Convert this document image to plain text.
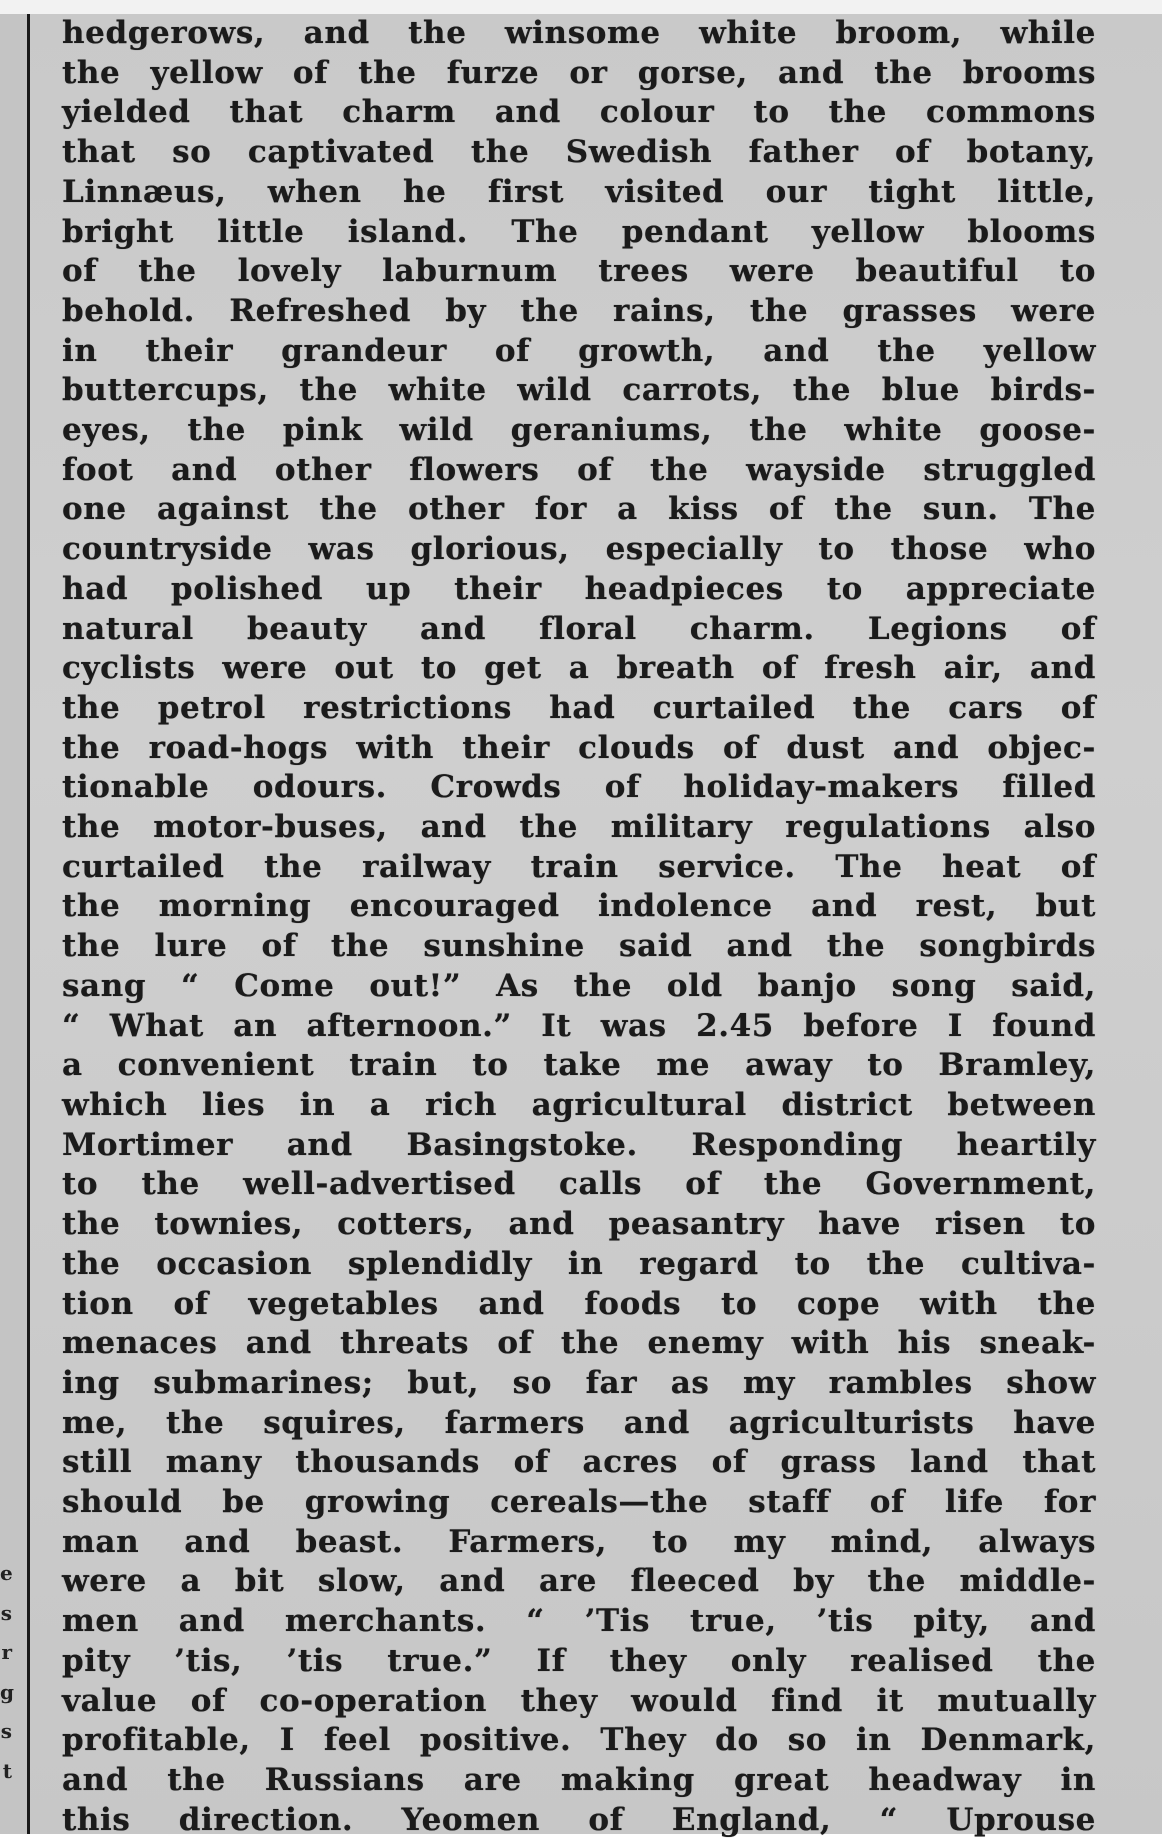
e
s
r
g
s
t

hedgerows, and the winsome white broom, while
the yellow of the furze or gorse, and the brooms
yielded that charm and colour to the commons
that so captivated the Swedish father of botany,
Linnæus, when he first visited our tight little,
bright little island. The pendant yellow blooms
of the lovely laburnum trees were beautiful to
behold. Refreshed by the rains, the grasses were
in their grandeur of growth, and the yellow
buttercups, the white wild carrots, the blue birds-
eyes, the pink wild geraniums, the white goose-
foot and other flowers of the wayside struggled
one against the other for a kiss of the sun. The
countryside was glorious, especially to those who
had polished up their headpieces to appreciate
natural beauty and floral charm. Legions of
cyclists were out to get a breath of fresh air, and
the petrol restrictions had curtailed the cars of
the road-hogs with their clouds of dust and objec-
tionable odours. Crowds of holiday-makers filled
the motor-buses, and the military regulations also
curtailed the railway train service. The heat of
the morning encouraged indolence and rest, but
the lure of the sunshine said and the songbirds
sang “ Come out!” As the old banjo song said,
“ What an afternoon.” It was 2.45 before I found
a convenient train to take me away to Bramley,
which lies in a rich agricultural district between
Mortimer and Basingstoke. Responding heartily
to the well-advertised calls of the Government,
the townies, cotters, and peasantry have risen to
the occasion splendidly in regard to the cultiva-
tion of vegetables and foods to cope with the
menaces and threats of the enemy with his sneak-
ing submarines; but, so far as my rambles show
me, the squires, farmers and agriculturists have
still many thousands of acres of grass land that
should be growing cereals—the staff of life for
man and beast. Farmers, to my mind, always
were a bit slow, and are fleeced by the middle-
men and merchants. “ ’Tis true, ’tis pity, and
pity ’tis, ’tis true.” If they only realised the
value of co-operation they would find it mutually
profitable, I feel positive. They do so in Denmark,
and the Russians are making great headway in
this direction. Yeomen of England, “ Uprouse
